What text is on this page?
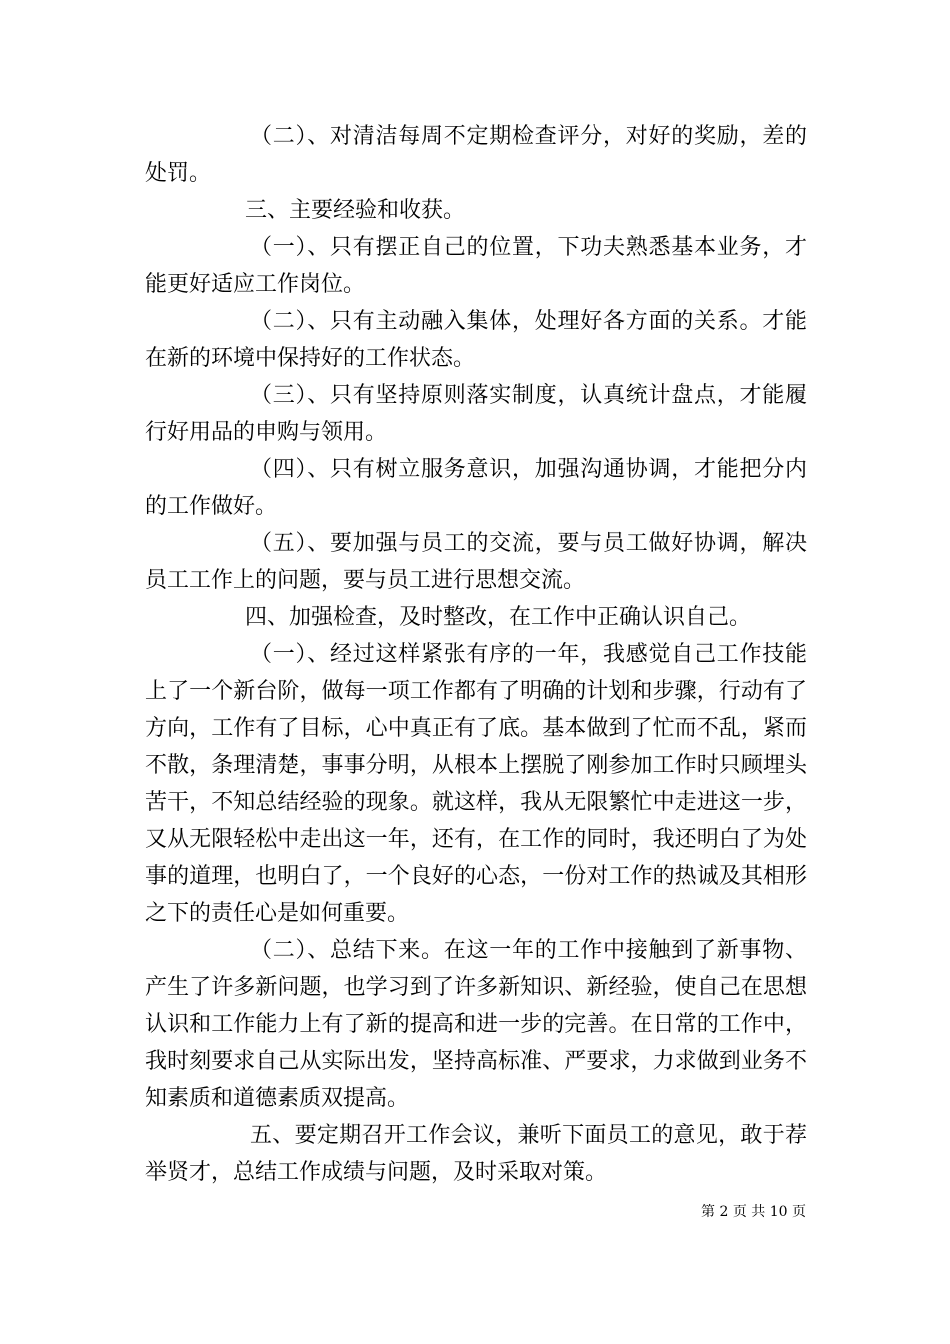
（二）、对清洁每周不定期检查评分，对好的奖励，差的处罚。

三、主要经验和收获。

（一）、只有摆正自己的位置，下功夫熟悉基本业务，才能更好适应工作岗位。

（二）、只有主动融入集体，处理好各方面的关系。才能在新的环境中保持好的工作状态。

（三）、只有坚持原则落实制度，认真统计盘点，才能履行好用品的申购与领用。

（四）、只有树立服务意识，加强沟通协调，才能把分内的工作做好。

（五）、要加强与员工的交流，要与员工做好协调，解决员工工作上的问题，要与员工进行思想交流。

四、加强检查，及时整改，在工作中正确认识自己。

（一）、经过这样紧张有序的一年，我感觉自己工作技能上了一个新台阶，做每一项工作都有了明确的计划和步骤，行动有了方向，工作有了目标，心中真正有了底。基本做到了忙而不乱，紧而不散，条理清楚，事事分明，从根本上摆脱了刚参加工作时只顾埋头苦干，不知总结经验的现象。就这样，我从无限繁忙中走进这一步，又从无限轻松中走出这一年，还有，在工作的同时，我还明白了为处事的道理，也明白了，一个良好的心态，一份对工作的热诚及其相形之下的责任心是如何重要。

（二）、总结下来。在这一年的工作中接触到了新事物、产生了许多新问题，也学习到了许多新知识、新经验，使自己在思想认识和工作能力上有了新的提高和进一步的完善。在日常的工作中，我时刻要求自己从实际出发，坚持高标准、严要求，力求做到业务不知素质和道德素质双提高。

五、要定期召开工作会议，兼听下面员工的意见，敢于荐举贤才，总结工作成绩与问题，及时采取对策。

第 2 页 共 10 页
